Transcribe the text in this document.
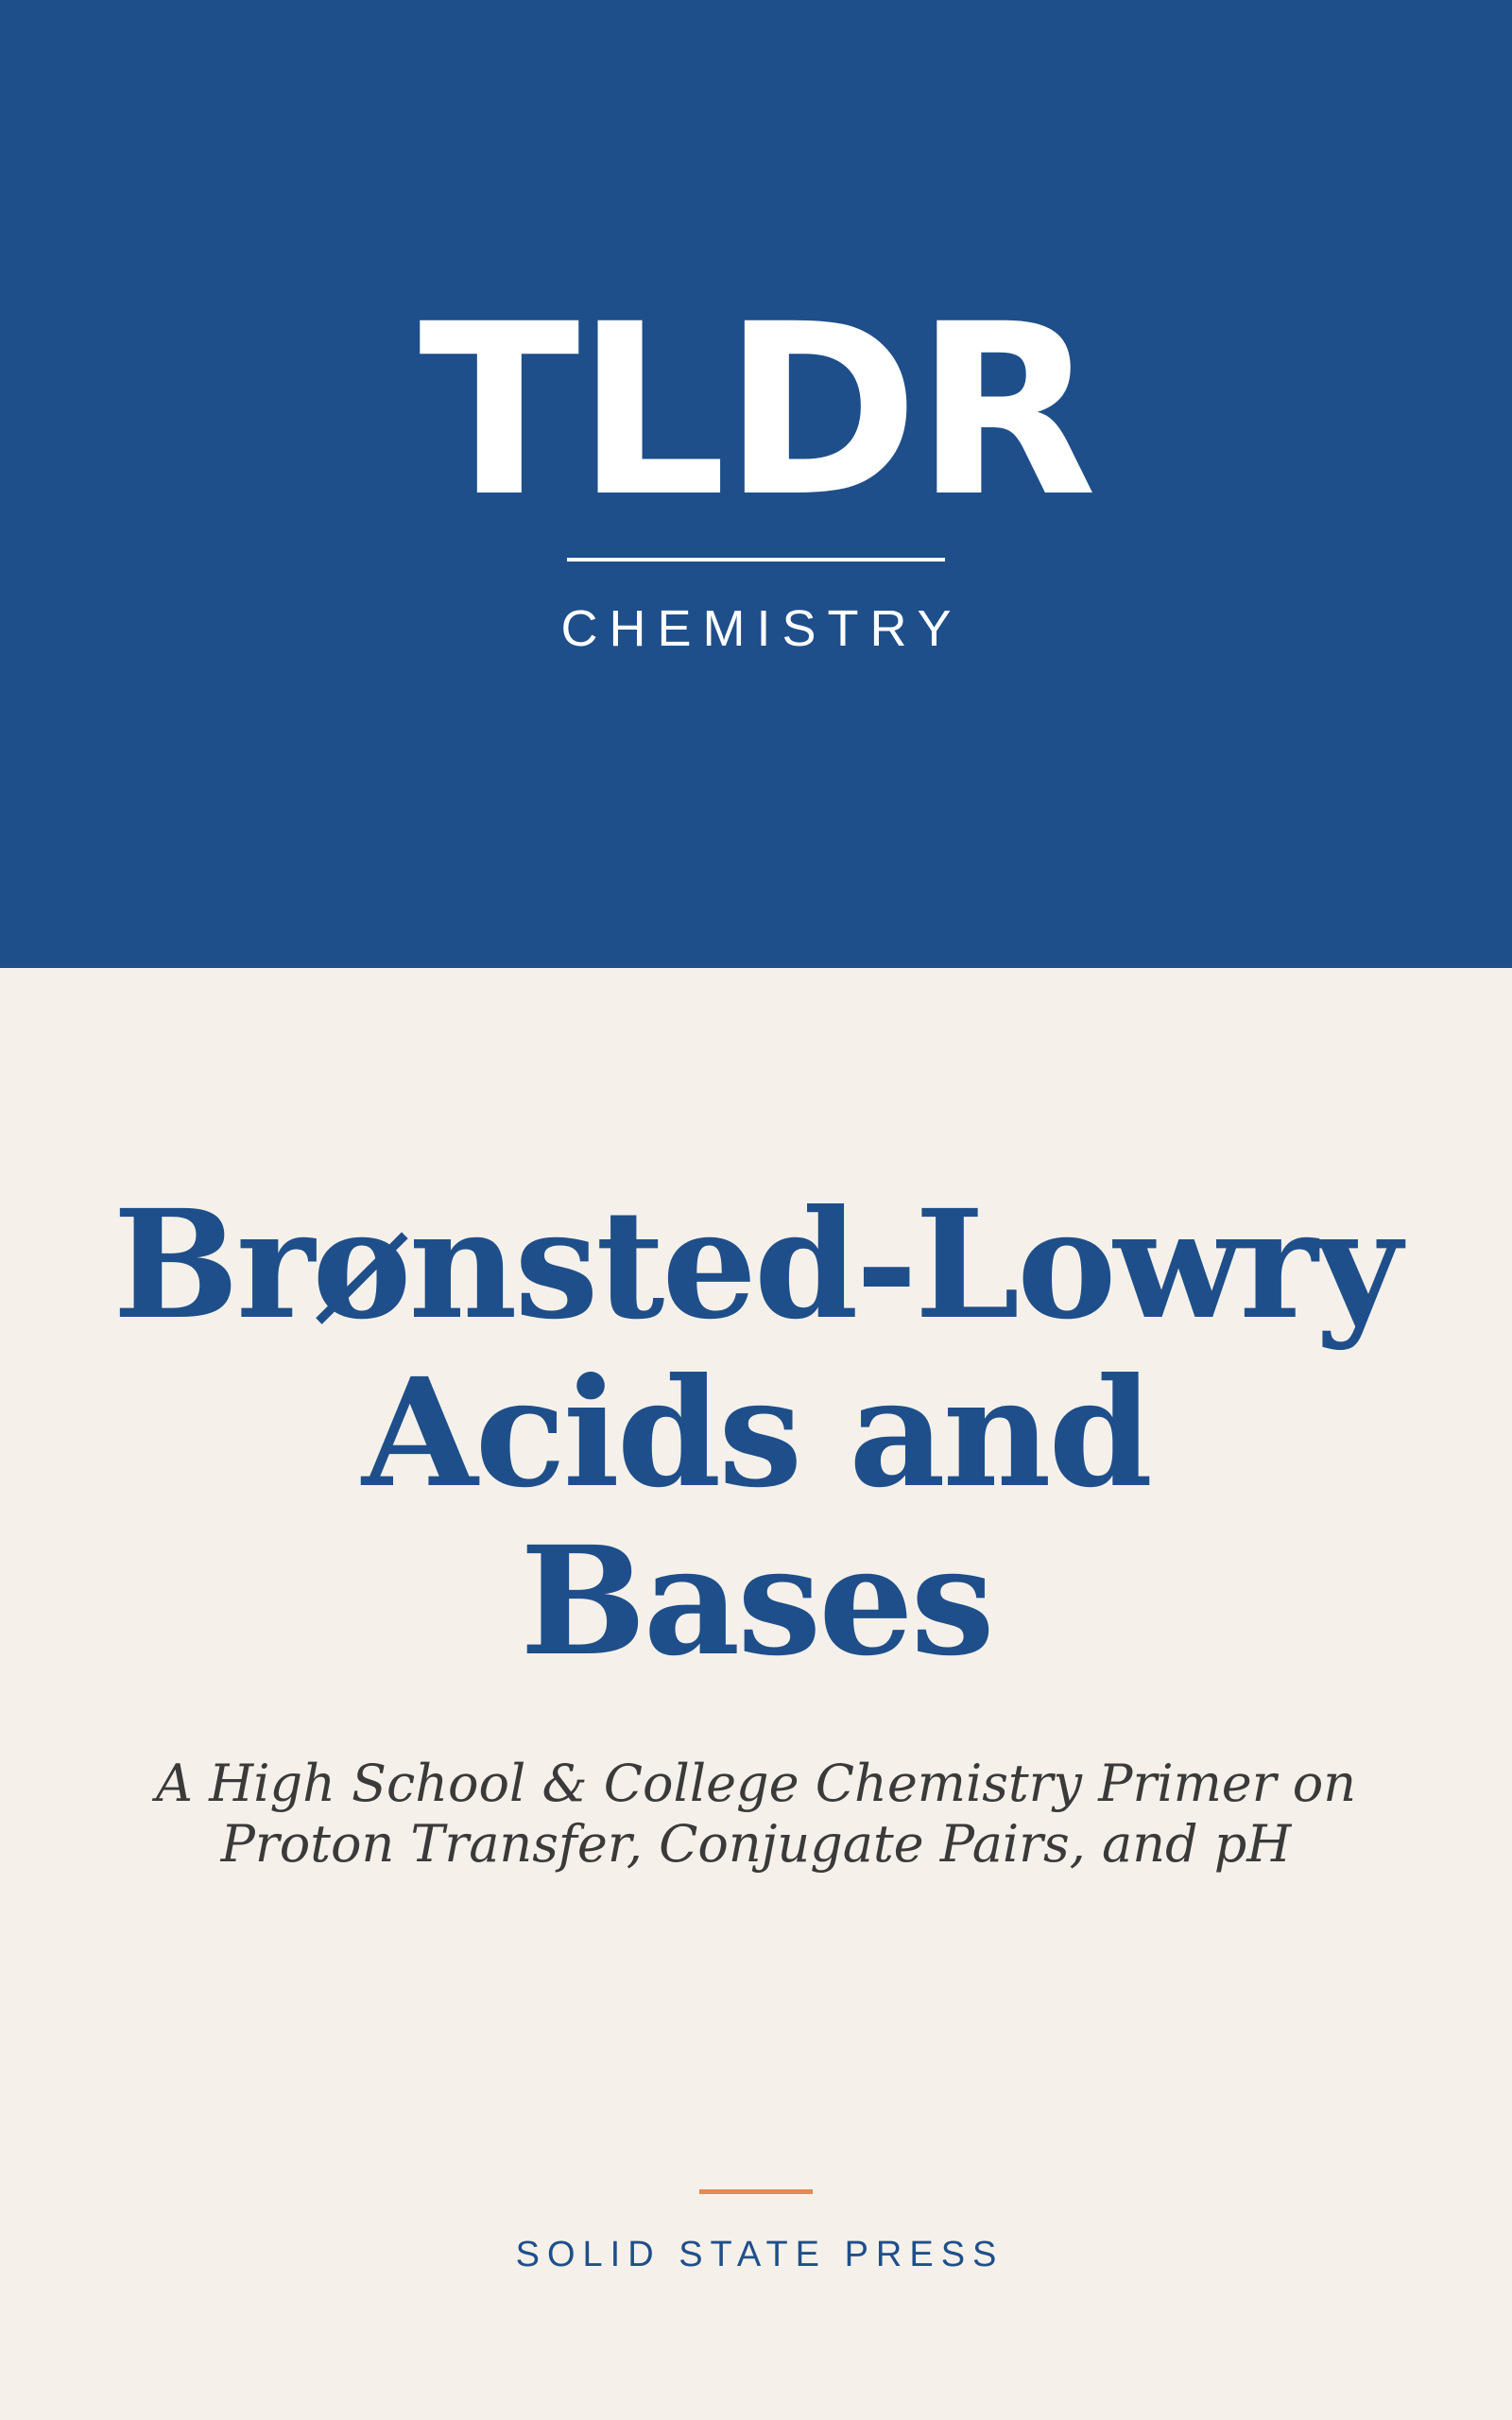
TLDR
CHEMISTRY
Brønsted-Lowry
Acids and
Bases
A High School & College Chemistry Primer on
Proton Transfer, Conjugate Pairs, and pH
SOLID STATE PRESS
